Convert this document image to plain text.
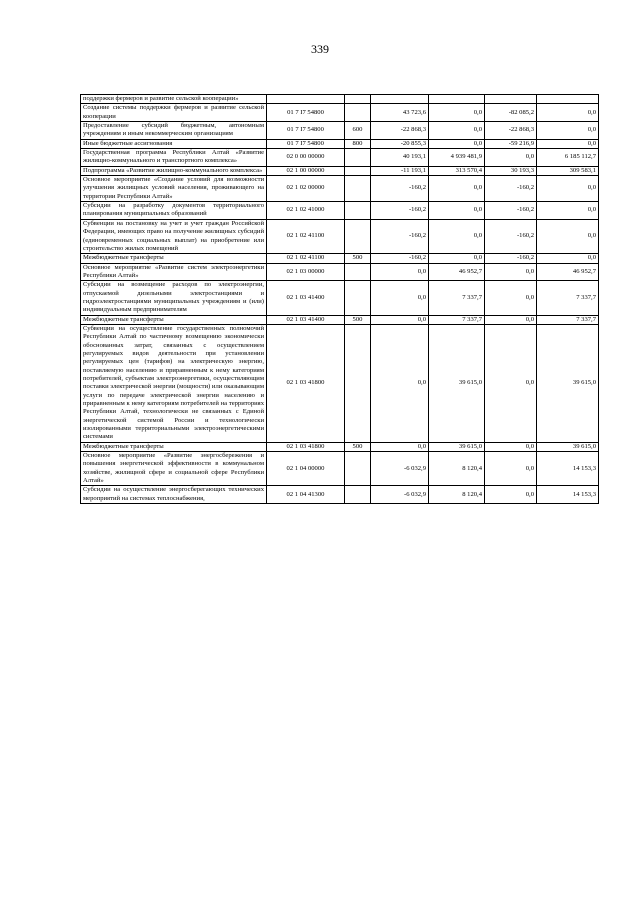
339
поддержки фермеров и развитие сельской кооперации»						
Создание системы поддержки фермеров и развитие сельской кооперации	01 7 I7 54800		43 723,6	0,0	-82 085,2	0,0
Предоставление субсидий бюджетным, автономным учреждениям и иным некоммерческим организациям	01 7 I7 54800	600	-22 868,3	0,0	-22 868,3	0,0
Иные бюджетные ассигнования	01 7 I7 54800	800	-20 855,3	0,0	-59 216,9	0,0
Государственная программа Республики Алтай «Развитие жилищно-коммунального и транспортного комплекса»	02 0 00 00000		40 193,1	4 939 481,9	0,0	6 185 112,7
Подпрограмма «Развитие жилищно-коммунального комплекса»	02 1 00 00000		-11 193,1	313 570,4	30 193,3	309 583,1
Основное мероприятие «Создание условий для возможности улучшения жилищных условий населения, проживающего на территории Республики Алтай»	02 1 02 00000		-160,2	0,0	-160,2	0,0
Субсидии на разработку документов территориального планирования муниципальных образований	02 1 02 41000		-160,2	0,0	-160,2	0,0
Субвенции на постановку на учет и учет граждан Российской Федерации, имеющих право на получение жилищных субсидий (единовременных социальных выплат) на приобретение или строительство жилых помещений	02 1 02 41100		-160,2	0,0	-160,2	0,0
Межбюджетные трансферты	02 1 02 41100	500	-160,2	0,0	-160,2	0,0
Основное мероприятие «Развитие систем электроэнергетики Республики Алтай»	02 1 03 00000		0,0	46 952,7	0,0	46 952,7
Субсидии на возмещение расходов по электроэнергии, отпускаемой дизельными электростанциями и гидроэлектростанциями муниципальных учреждениям и (или) индивидуальным предпринимателям	02 1 03 41400		0,0	7 337,7	0,0	7 337,7
Межбюджетные трансферты	02 1 03 41400	500	0,0	7 337,7	0,0	7 337,7
Субвенции на осуществление государственных полномочий Республики Алтай по частичному возмещению экономически обоснованных затрат, связанных с осуществлением регулируемых видов деятельности при установлении регулируемых цен (тарифов) на электрическую энергию, поставляемую населению и приравненным к нему категориям потребителей, субъектам электроэнергетики, осуществляющим поставки электрической энергии (мощности) или оказывающим услуги по передаче электрической энергии населению и приравненным к нему категориям потребителей на территориях Республики Алтай, технологически не связанных с Единой энергетической системой России и технологически изолированными территориальными электроэнергетическими системами	02 1 03 41800		0,0	39 615,0	0,0	39 615,0
Межбюджетные трансферты	02 1 03 41800	500	0,0	39 615,0	0,0	39 615,0
Основное мероприятие «Развитие энергосбережения и повышения энергетической эффективности в коммунальном хозяйстве, жилищной сфере и социальной сфере Республики Алтай»	02 1 04 00000		-6 032,9	8 120,4	0,0	14 153,3
Субсидии на осуществление энергосберегающих технических мероприятий на системах теплоснабжения,	02 1 04 41300		-6 032,9	8 120,4	0,0	14 153,3
